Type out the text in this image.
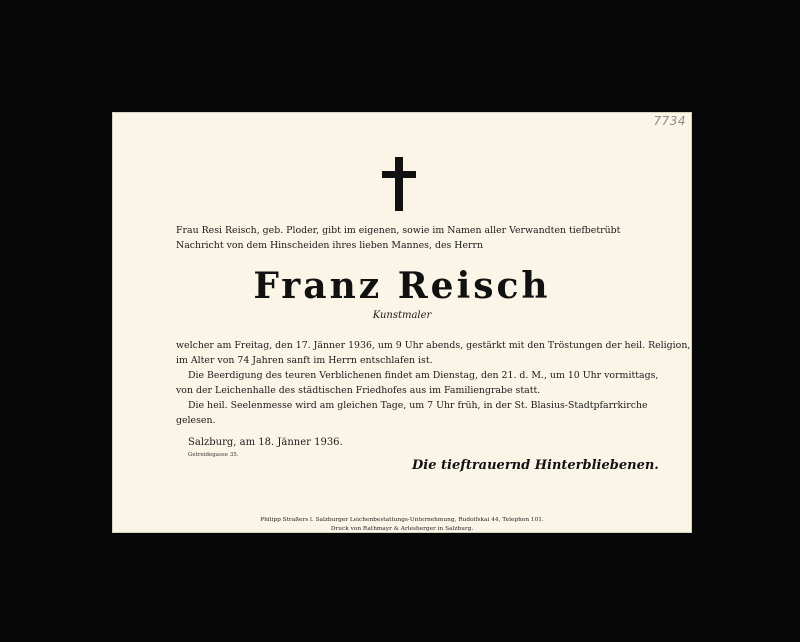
7734
Frau Resi Reisch, geb. Ploder, gibt im eigenen, sowie im Namen aller Verwandten tiefbetrübt
Nachricht von dem Hinscheiden ihres lieben Mannes, des Herrn
Franz Reisch
Kunstmaler
welcher am Freitag, den 17. Jänner 1936, um 9 Uhr abends, gestärkt mit den Tröstungen der heil. Religion,
im Alter von 74 Jahren sanft im Herrn entschlafen ist.
Die Beerdigung des teuren Verblichenen findet am Dienstag, den 21. d. M., um 10 Uhr vormittags,
von der Leichenhalle des städtischen Friedhofes aus im Familiengrabe statt.
Die heil. Seelenmesse wird am gleichen Tage, um 7 Uhr früh, in der St. Blasius-Stadtpfarrkirche
gelesen.
Salzburg, am 18. Jänner 1936.
Getreidegasse 35.
Die tieftrauernd Hinterbliebenen.
Philipp Straßers l. Salzburger Leichenbestattungs-Unternehmung, Rudolfskai 44, Telephon 101.
Druck von Rathmayr & Arlesberger in Salzburg.
